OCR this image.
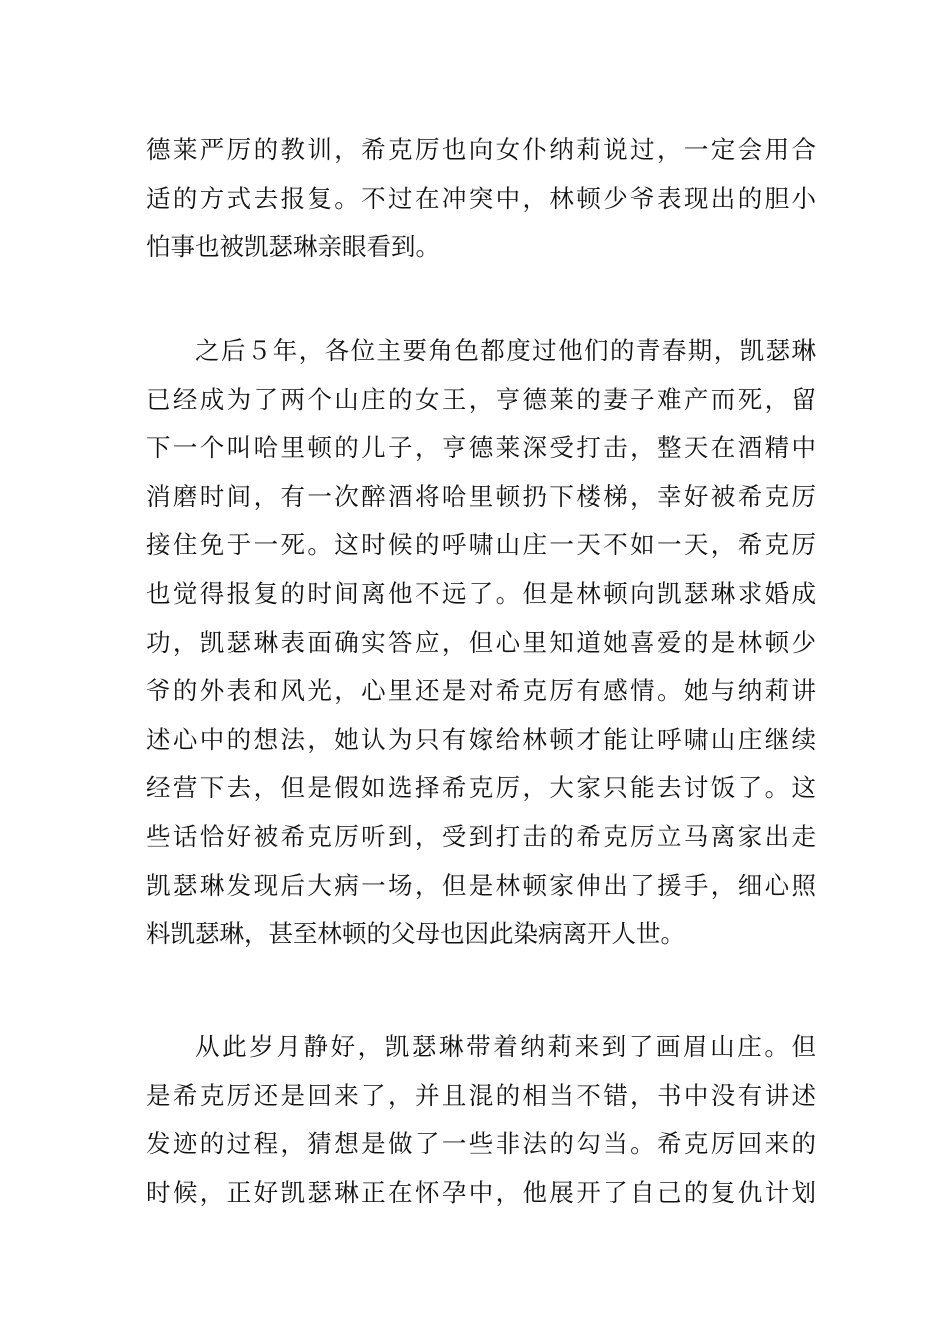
德莱严厉的教训，希克厉也向女仆纳莉说过，一定会用合
适的方式去报复。不过在冲突中，林顿少爷表现出的胆小
怕事也被凯瑟琳亲眼看到。
之后５年，各位主要角色都度过他们的青春期，凯瑟琳
已经成为了两个山庄的女王，亨德莱的妻子难产而死，留
下一个叫哈里顿的儿子，亨德莱深受打击，整天在酒精中
消磨时间，有一次醉酒将哈里顿扔下楼梯，幸好被希克厉
接住免于一死。这时候的呼啸山庄一天不如一天，希克厉
也觉得报复的时间离他不远了。但是林顿向凯瑟琳求婚成
功，凯瑟琳表面确实答应，但心里知道她喜爱的是林顿少
爷的外表和风光，心里还是对希克厉有感情。她与纳莉讲
述心中的想法，她认为只有嫁给林顿才能让呼啸山庄继续
经营下去，但是假如选择希克厉，大家只能去讨饭了。这
些话恰好被希克厉听到，受到打击的希克厉立马离家出走
凯瑟琳发现后大病一场，但是林顿家伸出了援手，细心照
料凯瑟琳，甚至林顿的父母也因此染病离开人世。
从此岁月静好，凯瑟琳带着纳莉来到了画眉山庄。但
是希克厉还是回来了，并且混的相当不错，书中没有讲述
发迹的过程，猜想是做了一些非法的勾当。希克厉回来的
时候，正好凯瑟琳正在怀孕中，他展开了自己的复仇计划
